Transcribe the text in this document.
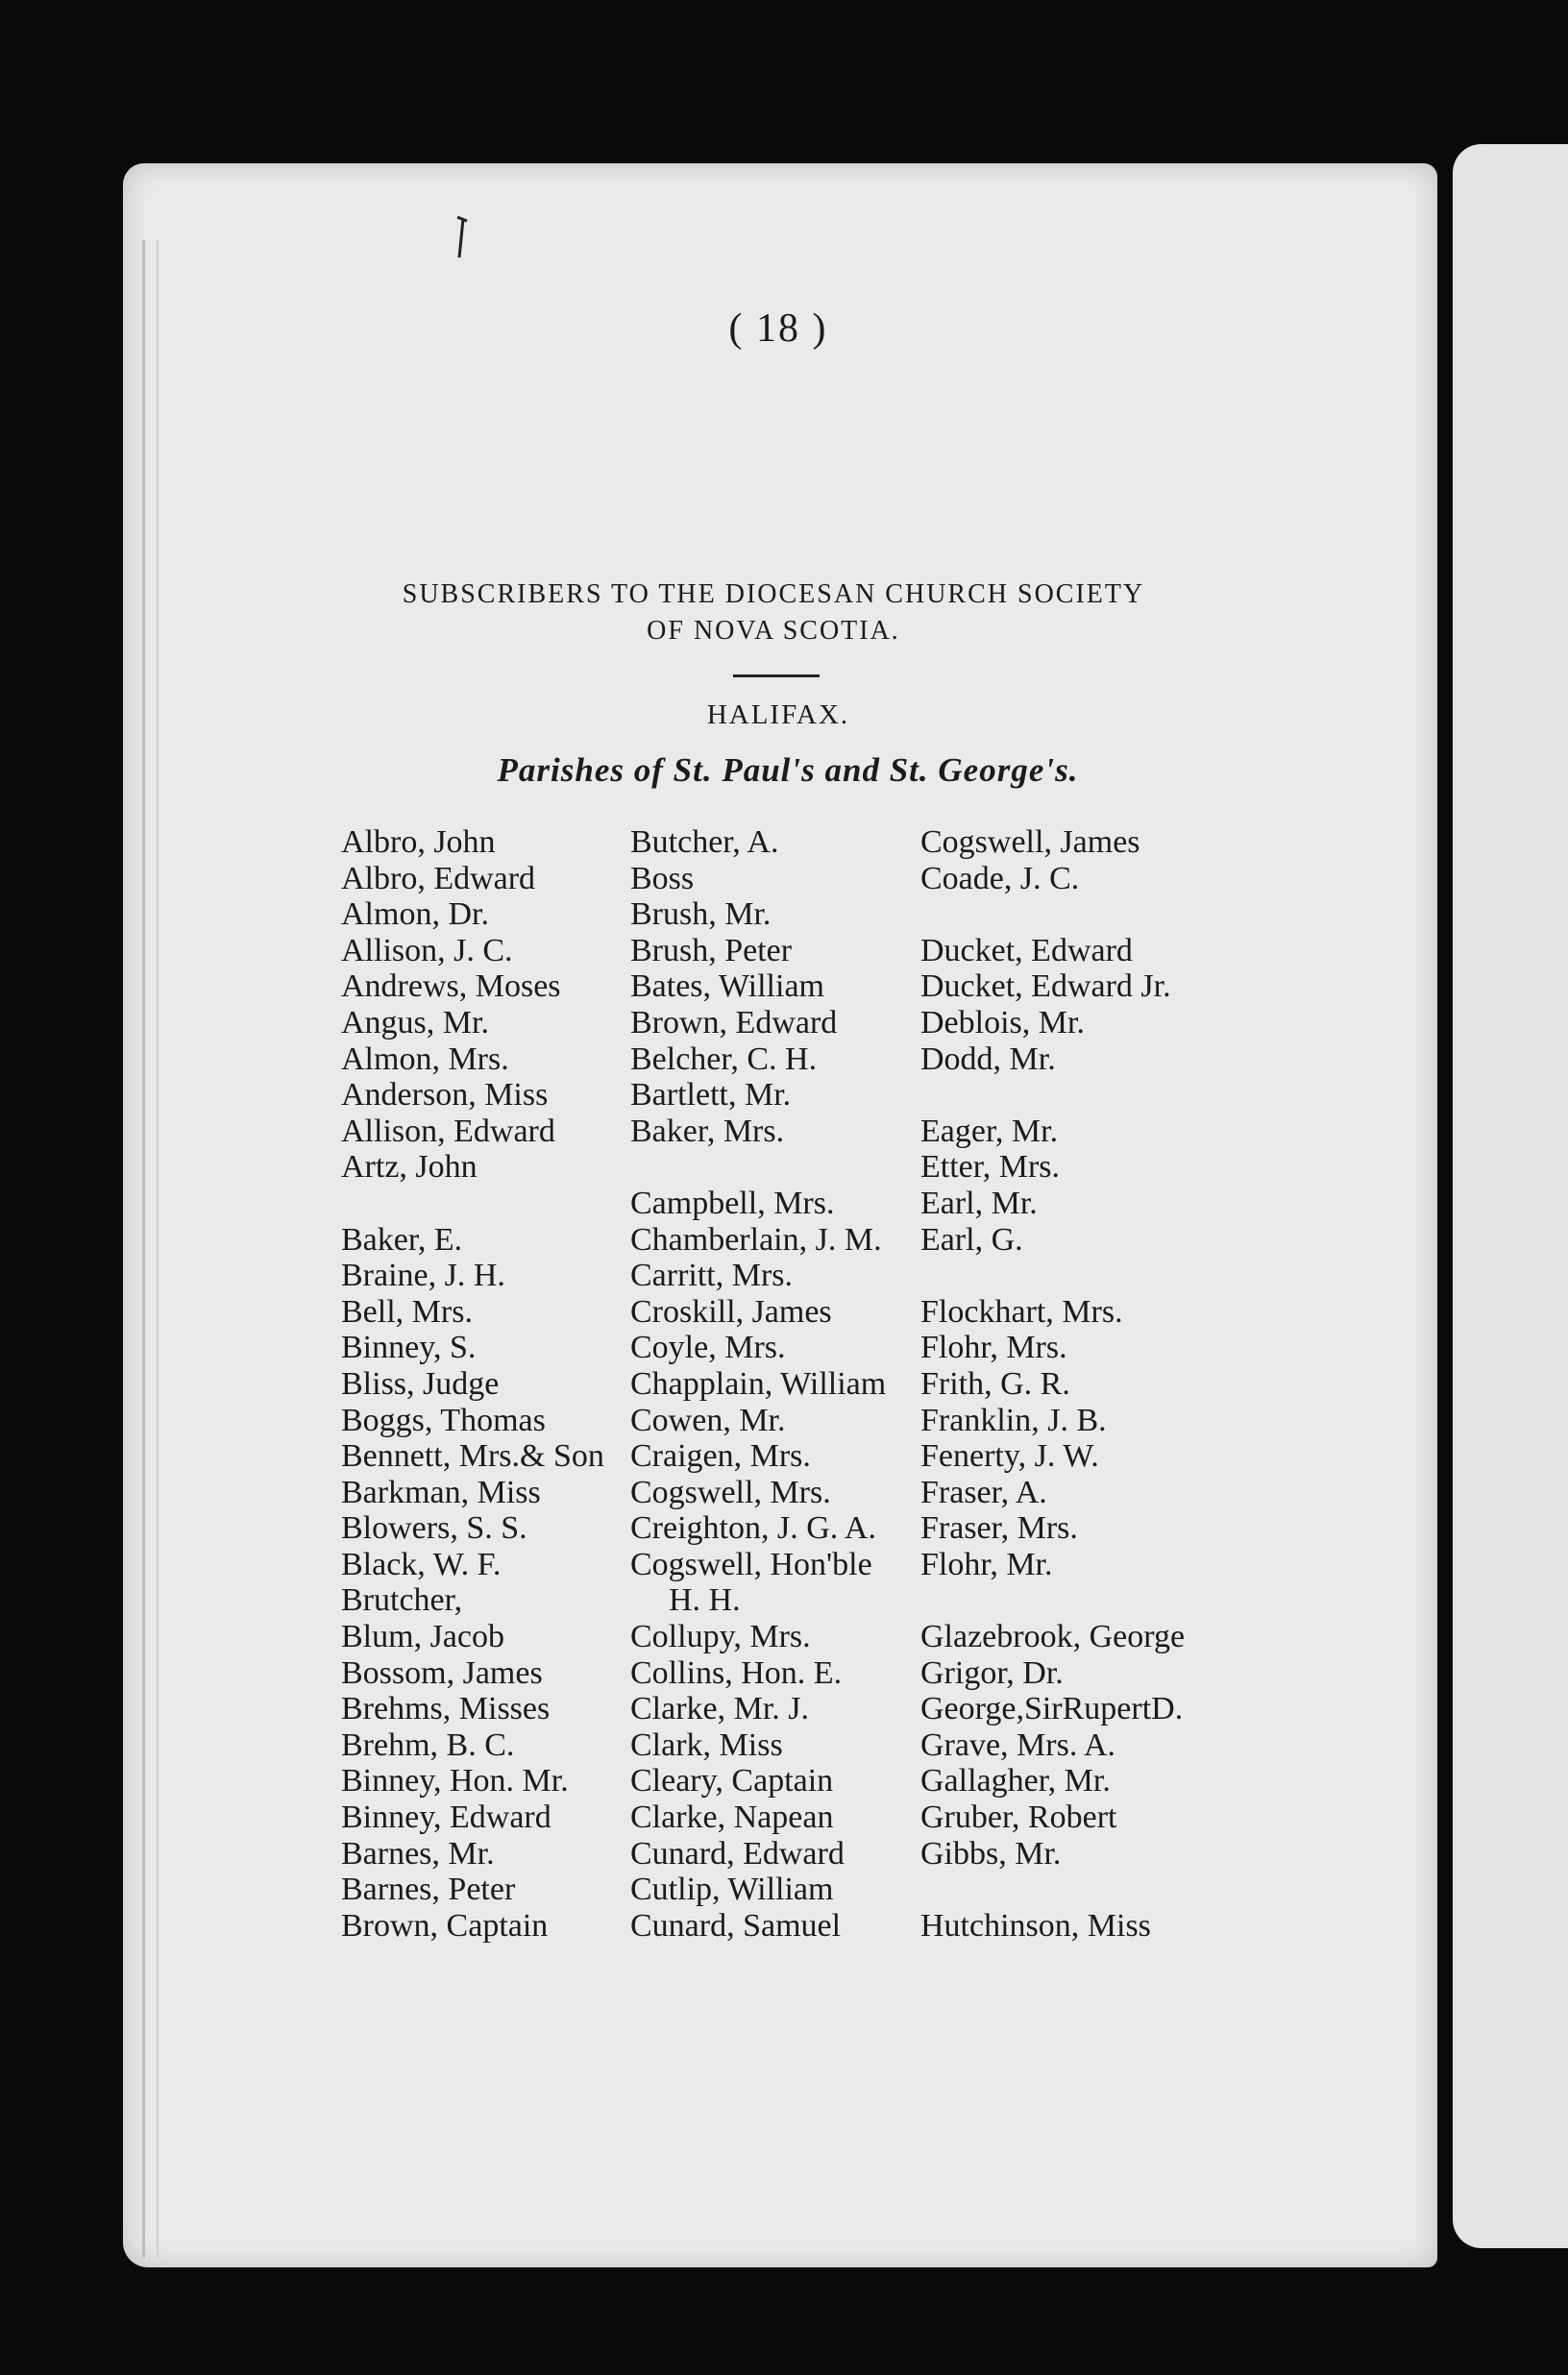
( 18 )
SUBSCRIBERS TO THE DIOCESAN CHURCH SOCIETY
OF NOVA SCOTIA.
HALIFAX.
Parishes of St. Paul's and St. George's.
Albro, John
Albro, Edward
Almon, Dr.
Allison, J. C.
Andrews, Moses
Angus, Mr.
Almon, Mrs.
Anderson, Miss
Allison, Edward
Artz, John
Baker, E.
Braine, J. H.
Bell, Mrs.
Binney, S.
Bliss, Judge
Boggs, Thomas
Bennett, Mrs.& Son
Barkman, Miss
Blowers, S. S.
Black, W. F.
Brutcher,
Blum, Jacob
Bossom, James
Brehms, Misses
Brehm, B. C.
Binney, Hon. Mr.
Binney, Edward
Barnes, Mr.
Barnes, Peter
Brown, Captain
Butcher, A.
Boss
Brush, Mr.
Brush, Peter
Bates, William
Brown, Edward
Belcher, C. H.
Bartlett, Mr.
Baker, Mrs.
Campbell, Mrs.
Chamberlain, J. M.
Carritt, Mrs.
Croskill, James
Coyle, Mrs.
Chapplain, William
Cowen, Mr.
Craigen, Mrs.
Cogswell, Mrs.
Creighton, J. G. A.
Cogswell, Hon'ble
H. H.
Collupy, Mrs.
Collins, Hon. E.
Clarke, Mr. J.
Clark, Miss
Cleary, Captain
Clarke, Napean
Cunard, Edward
Cutlip, William
Cunard, Samuel
Cogswell, James
Coade, J. C.
Ducket, Edward
Ducket, Edward Jr.
Deblois, Mr.
Dodd, Mr.
Eager, Mr.
Etter, Mrs.
Earl, Mr.
Earl, G.
Flockhart, Mrs.
Flohr, Mrs.
Frith, G. R.
Franklin, J. B.
Fenerty, J. W.
Fraser, A.
Fraser, Mrs.
Flohr, Mr.
Glazebrook, George
Grigor, Dr.
George,SirRupertD.
Grave, Mrs. A.
Gallagher, Mr.
Gruber, Robert
Gibbs, Mr.
Hutchinson, Miss
